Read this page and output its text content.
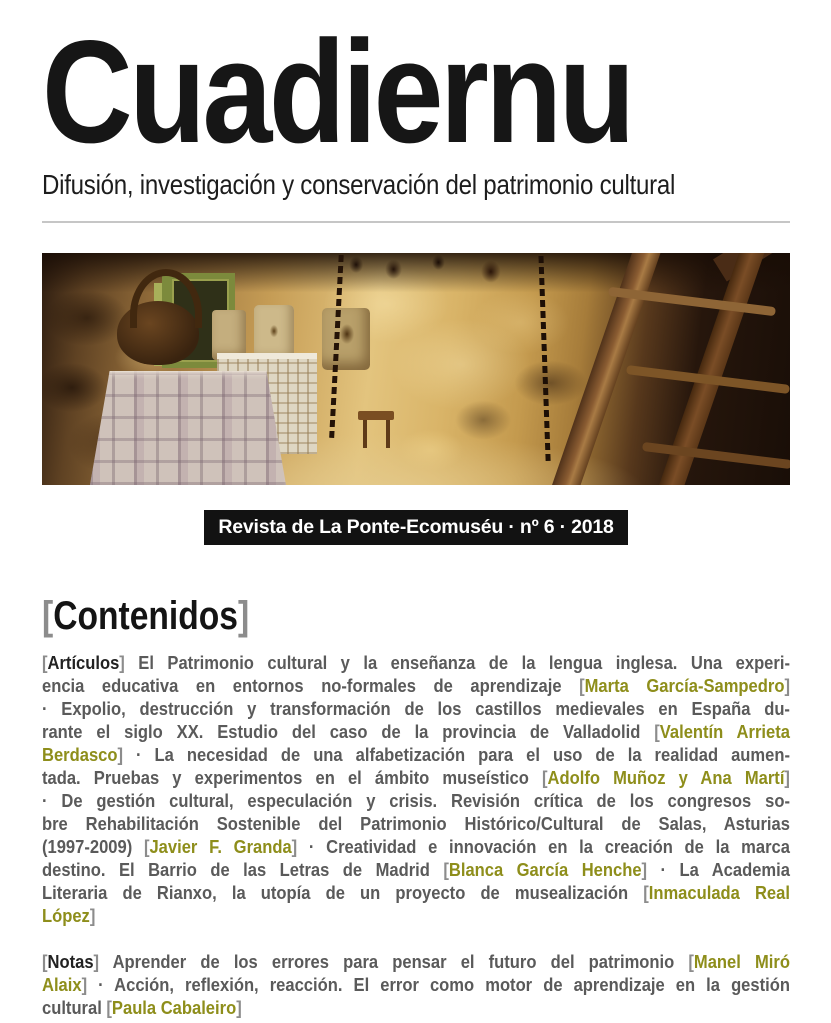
Cuadiernu

Difusión, investigación y conservación del patrimonio cultural

Revista de La Ponte-Ecomuséu · nº 6 · 2018
[Contenidos]
[Artículos] El Patrimonio cultural y la enseñanza de la lengua inglesa. Una experi-
encia educativa en entornos no-formales de aprendizaje [Marta García-Sampedro]
· Expolio, destrucción y transformación de los castillos medievales en España du-
rante el siglo XX. Estudio del caso de la provincia de Valladolid [Valentín Arrieta
Berdasco] · La necesidad de una alfabetización para el uso de la realidad aumen-
tada. Pruebas y experimentos en el ámbito museístico [Adolfo Muñoz y Ana Martí]
· De gestión cultural, especulación y crisis. Revisión crítica de los congresos so-
bre Rehabilitación Sostenible del Patrimonio Histórico/Cultural de Salas, Asturias
(1997-2009) [Javier F. Granda] · Creatividad e innovación en la creación de la marca
destino. El Barrio de las Letras de Madrid [Blanca García Henche] · La Academia
Literaria de Rianxo, la utopía de un proyecto de musealización [Inmaculada Real
López]
[Notas] Aprender de los errores para pensar el futuro del patrimonio [Manel Miró
Alaix] · Acción, reflexión, reacción. El error como motor de aprendizaje en la gestión
cultural [Paula Cabaleiro]
